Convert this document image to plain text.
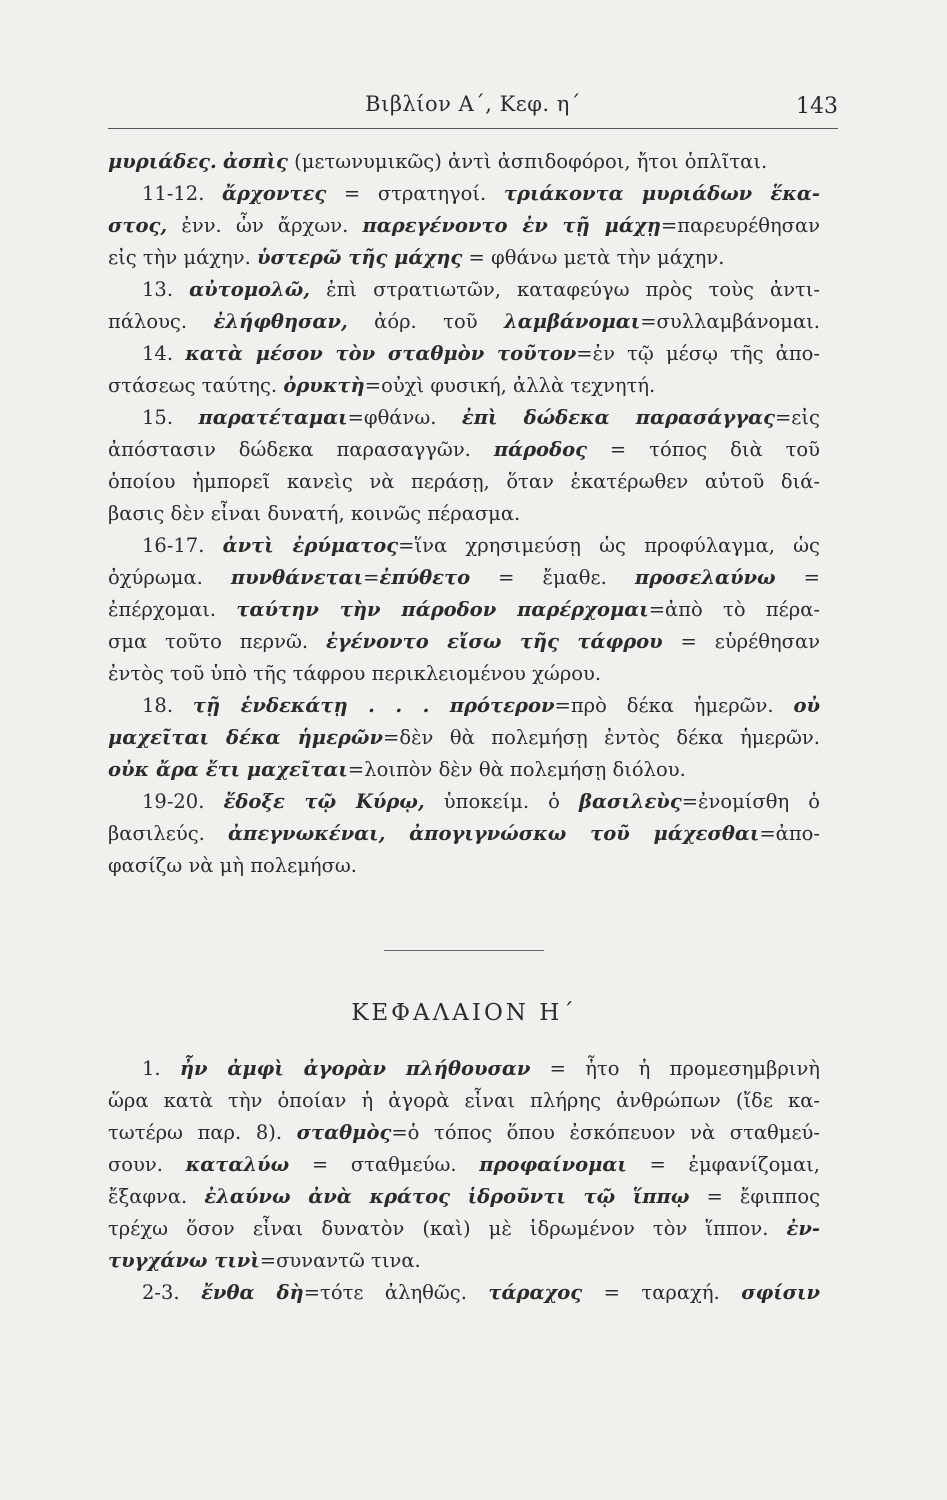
Βιβλίον Α΄, Κεφ. η΄	143
μυριάδες. ἀσπὶς (μετωνυμικῶς) ἀντὶ ἀσπιδοφόροι, ἤτοι ὁπλῖται.
11-12. ἄρχοντες = στρατηγοί. τριάκοντα μυριάδων ἕκα-
στος, ἐνν. ὧν ἄρχων. παρεγένοντο ἐν τῇ μάχῃ=παρευρέθησαν
εἰς τὴν μάχην. ὑστερῶ τῆς μάχης = φθάνω μετὰ τὴν μάχην.
13. αὐτομολῶ, ἐπὶ στρατιωτῶν, καταφεύγω πρὸς τοὺς ἀντι-
πάλους. ἐλήφθησαν, ἀόρ. τοῦ λαμβάνομαι=συλλαμβάνομαι.
14. κατὰ μέσον τὸν σταθμὸν τοῦτον=ἐν τῷ μέσῳ τῆς ἀπο-
στάσεως ταύτης. ὀρυκτὴ=οὐχὶ φυσική, ἀλλὰ τεχνητή.
15. παρατέταμαι=φθάνω. ἐπὶ δώδεκα παρασάγγας=εἰς
ἀπόστασιν δώδεκα παρασαγγῶν. πάροδος = τόπος διὰ τοῦ
ὁποίου ἠμπορεῖ κανεὶς νὰ περάσῃ, ὅταν ἑκατέρωθεν αὐτοῦ διά-
βασις δὲν εἶναι δυνατή, κοινῶς πέρασμα.
16-17. ἀντὶ ἐρύματος=ἵνα χρησιμεύσῃ ὡς προφύλαγμα, ὡς
ὀχύρωμα. πυνθάνεται=ἐπύθετο = ἔμαθε. προσελαύνω =
ἐπέρχομαι. ταύτην τὴν πάροδον παρέρχομαι=ἀπὸ τὸ πέρα-
σμα τοῦτο περνῶ. ἐγένοντο εἴσω τῆς τάφρου = εὑρέθησαν
ἐντὸς τοῦ ὑπὸ τῆς τάφρου περικλειομένου χώρου.
18. τῇ ἑνδεκάτῃ . . . πρότερον=πρὸ δέκα ἡμερῶν. οὐ
μαχεῖται δέκα ἡμερῶν=δὲν θὰ πολεμήσῃ ἐντὸς δέκα ἡμερῶν.
οὐκ ἄρα ἔτι μαχεῖται=λοιπὸν δὲν θὰ πολεμήσῃ διόλου.
19-20. ἔδοξε τῷ Κύρῳ, ὑποκείμ. ὁ βασιλεὺς=ἐνομίσθη ὁ
βασιλεύς. ἀπεγνωκέναι, ἀπογιγνώσκω τοῦ μάχεσθαι=ἀπο-
φασίζω νὰ μὴ πολεμήσω.
ΚΕΦΑΛΑΙΟΝ Η΄
1. ἦν ἀμφὶ ἀγορὰν πλήθουσαν = ἦτο ἡ προμεσημβρινὴ
ὥρα κατὰ τὴν ὁποίαν ἡ ἀγορὰ εἶναι πλήρης ἀνθρώπων (ἴδε κα-
τωτέρω παρ. 8). σταθμὸς=ὁ τόπος ὅπου ἐσκόπευον νὰ σταθμεύ-
σουν. καταλύω = σταθμεύω. προφαίνομαι = ἐμφανίζομαι,
ἔξαφνα. ἐλαύνω ἀνὰ κράτος ἱδροῦντι τῷ ἵππῳ = ἔφιππος
τρέχω ὅσον εἶναι δυνατὸν (καὶ) μὲ ἱδρωμένον τὸν ἵππον. ἐν-
τυγχάνω τινὶ=συναντῶ τινα.
2-3. ἔνθα δὴ=τότε ἀληθῶς. τάραχος = ταραχή. σφίσιν
